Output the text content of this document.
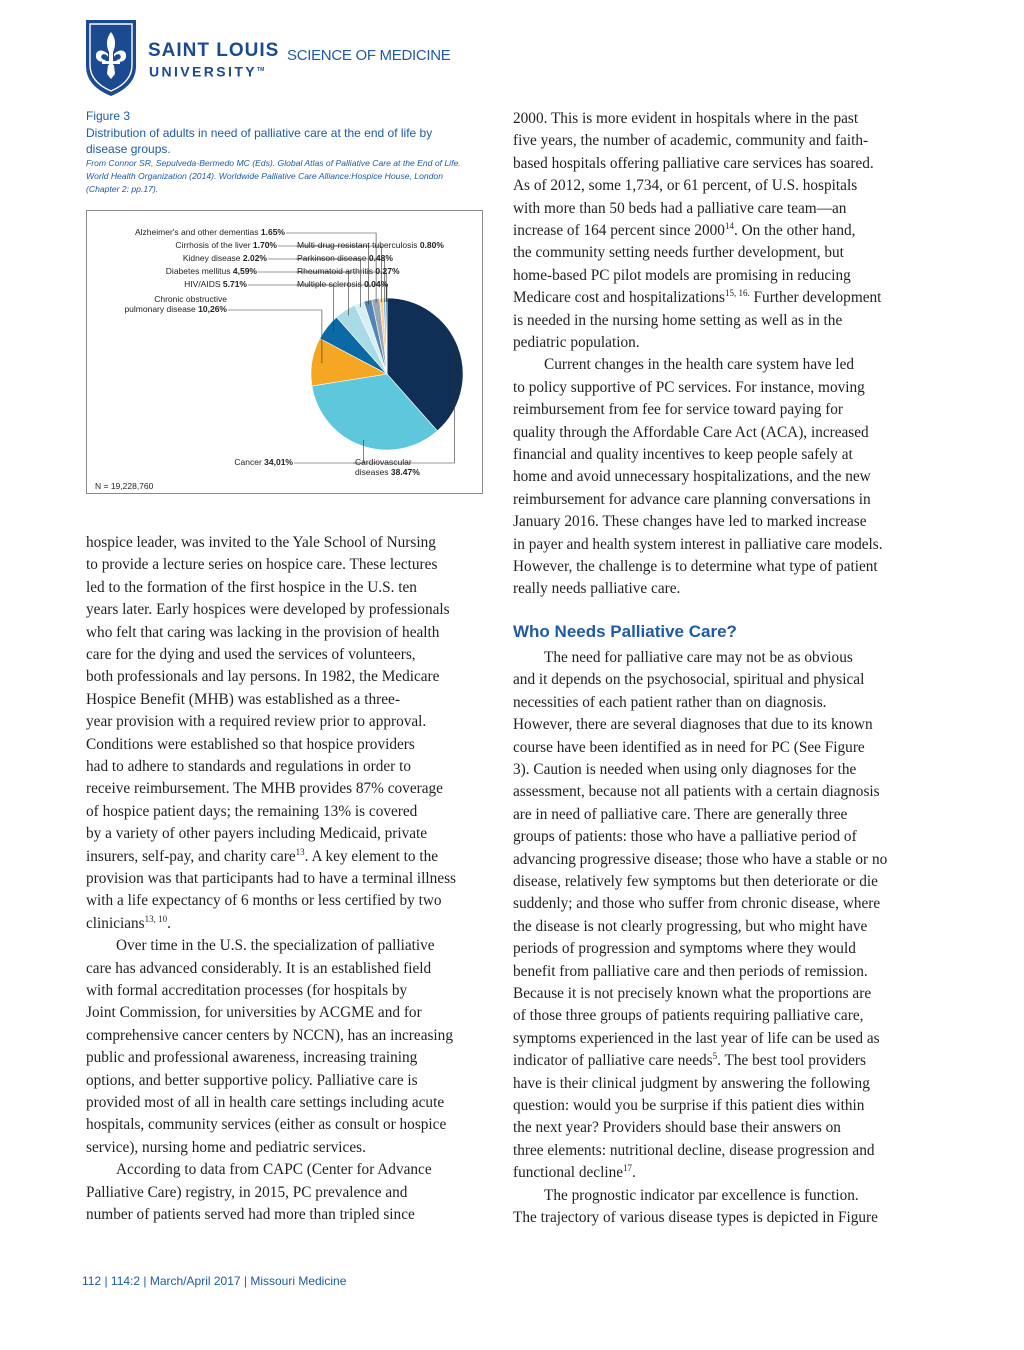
SAINT LOUIS
UNIVERSITY™
SCIENCE OF MEDICINE
Figure 3
Distribution of adults in need of palliative care at the end of life by
disease groups.
From Connor SR, Sepulveda-Bermedo MC (Eds). Global Atlas of Palliative Care at the End of Life.
World Health Organization (2014). Worldwide Palliative Care Alliance:Hospice House, London
(Chapter 2: pp.17).
Alzheimer's and other dementias 1.65%
Cirrhosis of the liver 1.70%
Kidney disease 2.02%
Diabetes mellitus 4,59%
HIV/AIDS 5.71%
Chronic obstructive
pulmonary disease 10,26%
Multi-drug-resistant tuberculosis 0.80%
Parkinson disease 0.48%
Rheumatoid arthritis 0.27%
Multiple sclerosis 0.04%
Cancer 34,01%	Cardiovascular
diseases 38.47%
N = 19,228,760
hospice leader, was invited to the Yale School of Nursing
to provide a lecture series on hospice care. These lectures
led to the formation of the first hospice in the U.S. ten
years later. Early hospices were developed by professionals
who felt that caring was lacking in the provision of health
care for the dying and used the services of volunteers,
both professionals and lay persons. In 1982, the Medicare
Hospice Benefit (MHB) was established as a three-
year provision with a required review prior to approval.
Conditions were established so that hospice providers
had to adhere to standards and regulations in order to
receive reimbursement. The MHB provides 87% coverage
of hospice patient days; the remaining 13% is covered
by a variety of other payers including Medicaid, private
insurers, self-pay, and charity care$^{13}$. A key element to the
provision was that participants had to have a terminal illness
with a life expectancy of 6 months or less certified by two
clinicians$^{13, 10}$.
Over time in the U.S. the specialization of palliative
care has advanced considerably. It is an established field
with formal accreditation processes (for hospitals by
Joint Commission, for universities by ACGME and for
comprehensive cancer centers by NCCN), has an increasing
public and professional awareness, increasing training
options, and better supportive policy. Palliative care is
provided most of all in health care settings including acute
hospitals, community services (either as consult or hospice
service), nursing home and pediatric services.
According to data from CAPC (Center for Advance
Palliative Care) registry, in 2015, PC prevalence and
number of patients served had more than tripled since
2000. This is more evident in hospitals where in the past
five years, the number of academic, community and faith-
based hospitals offering palliative care services has soared.
As of 2012, some 1,734, or 61 percent, of U.S. hospitals
with more than 50 beds had a palliative care team—an
increase of 164 percent since 2000$^{14}$. On the other hand,
the community setting needs further development, but
home-based PC pilot models are promising in reducing
Medicare cost and hospitalizations$^{15, 16.}$ Further development
is needed in the nursing home setting as well as in the
pediatric population.
Current changes in the health care system have led
to policy supportive of PC services. For instance, moving
reimbursement from fee for service toward paying for
quality through the Affordable Care Act (ACA), increased
financial and quality incentives to keep people safely at
home and avoid unnecessary hospitalizations, and the new
reimbursement for advance care planning conversations in
January 2016. These changes have led to marked increase
in payer and health system interest in palliative care models.
However, the challenge is to determine what type of patient
really needs palliative care.
Who Needs Palliative Care?
The need for palliative care may not be as obvious
and it depends on the psychosocial, spiritual and physical
necessities of each patient rather than on diagnosis.
However, there are several diagnoses that due to its known
course have been identified as in need for PC (See Figure
3). Caution is needed when using only diagnoses for the
assessment, because not all patients with a certain diagnosis
are in need of palliative care. There are generally three
groups of patients: those who have a palliative period of
advancing progressive disease; those who have a stable or no
disease, relatively few symptoms but then deteriorate or die
suddenly; and those who suffer from chronic disease, where
the disease is not clearly progressing, but who might have
periods of progression and symptoms where they would
benefit from palliative care and then periods of remission.
Because it is not precisely known what the proportions are
of those three groups of patients requiring palliative care,
symptoms experienced in the last year of life can be used as
indicator of palliative care needs$^5$. The best tool providers
have is their clinical judgment by answering the following
question: would you be surprise if this patient dies within
the next year? Providers should base their answers on
three elements: nutritional decline, disease progression and
functional decline$^{17}$.
The prognostic indicator par excellence is function.
The trajectory of various disease types is depicted in Figure
112 | 114:2 | March/April 2017 | Missouri Medicine
